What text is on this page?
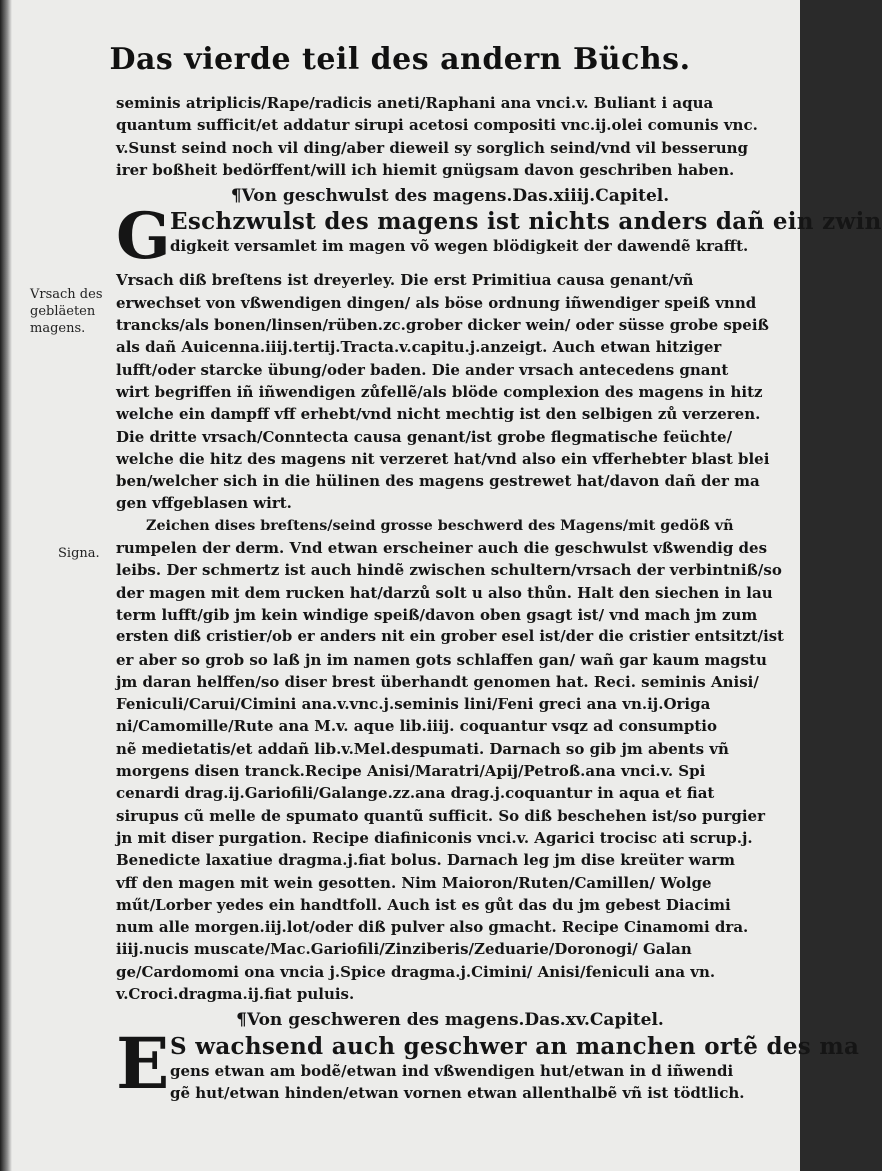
Das vierde teil des andern Büchs.
Vrsach des
gebläeten
magens.
Signa.
seminis atriplicis/Rape/radicis aneti/Raphani ana vnci.v. Buliant i aqua
quantum sufficit/et addatur sirupi acetosi compositi vnc.ij.olei comunis vnc.
v.Sunst seind noch vil ding/aber dieweil sy sorglich seind/vnd vil besserung
irer boßheit bedörffent/will ich hiemit gnügsam davon geschriben haben.
¶Von geschwulst des magens.Das.xiiij.Capitel.
G Eschzwulst des magens ist nichts anders dañ ein zwin
digkeit versamlet im magen võ wegen blödigkeit der dawendẽ krafft.
Vrsach diß breſtens ist dreyerley. Die erst Primitiua causa genant/vñ
erwechset von vßwendigen dingen/ als böse ordnung iñwendiger speiß vnnd
trancks/als bonen/linsen/rüben.zc.grober dicker wein/ oder süsse grobe speiß
als dañ Auicenna.iiij.tertij.Tracta.v.capitu.j.anzeigt. Auch etwan hitziger
lufft/oder starcke übung/oder baden. Die ander vrsach antecedens gnant
wirt begriffen iñ iñwendigen zůfellẽ/als blöde complexion des magens in hitz
welche ein dampff vff erhebt/vnd nicht mechtig ist den selbigen zů verzeren.
Die dritte vrsach/Conntecta causa genant/ist grobe flegmatische feüchte/
welche die hitz des magens nit verzeret hat/vnd also ein vfferhebter blast blei
ben/welcher sich in die hülinen des magens gestrewet hat/davon dañ der ma
gen vffgeblasen wirt.
Zeichen dises breſtens/seind grosse beschwerd des Magens/mit gedöß vñ
rumpelen der derm. Vnd etwan erscheiner auch die geschwulst vßwendig des
leibs. Der schmertz ist auch hindẽ zwischen schultern/vrsach der verbintniß/so
der magen mit dem rucken hat/darzů solt u also thůn. Halt den siechen in lau
term lufft/gib jm kein windige speiß/davon oben gsagt ist/ vnd mach jm zum
ersten diß cristier/ob er anders nit ein grober esel ist/der die cristier entsitzt/ist
er aber so grob so laß jn im namen gots schlaffen gan/ wañ gar kaum magstu
jm daran helffen/so diser brest überhandt genomen hat. Reci. seminis Anisi/
Feniculi/Carui/Cimini ana.v.vnc.j.seminis lini/Feni greci ana vn.ij.Origa
ni/Camomille/Rute ana M.v. aque lib.iiij. coquantur vsqz ad consumptio
nẽ medietatis/et addañ lib.v.Mel.despumati. Darnach so gib jm abents vñ
morgens disen tranck.Recipe Anisi/Maratri/Apij/Petroß.ana vnci.v. Spi
cenardi drag.ij.Gariofili/Galange.zz.ana drag.j.coquantur in aqua et fiat
sirupus cũ melle de spumato quantũ sufficit. So diß beschehen ist/so purgier
jn mit diser purgation. Recipe diafiniconis vnci.v. Agarici trocisc ati scrup.j.
Benedicte laxatiue dragma.j.fiat bolus. Darnach leg jm dise kreüter warm
vff den magen mit wein gesotten. Nim Maioron/Ruten/Camillen/ Wolge
műt/Lorber yedes ein handtfoll. Auch ist es gůt das du jm gebest Diacimi
num alle morgen.iij.lot/oder diß pulver also gmacht. Recipe Cinamomi dra.
iiij.nucis muscate/Mac.Gariofili/Zinziberis/Zeduarie/Doronogi/ Galan
ge/Cardomomi ona vncia j.Spice dragma.j.Cimini/ Anisi/feniculi ana vn.
v.Croci.dragma.ij.fiat puluis.
¶Von geschweren des magens.Das.xv.Capitel.
E S wachsend auch geschwer an manchen ortẽ des ma
gens etwan am bodẽ/etwan ind vßwendigen hut/etwan in d iñwendi
gẽ hut/etwan hinden/etwan vornen etwan allenthalbẽ vñ ist tödtlich.
